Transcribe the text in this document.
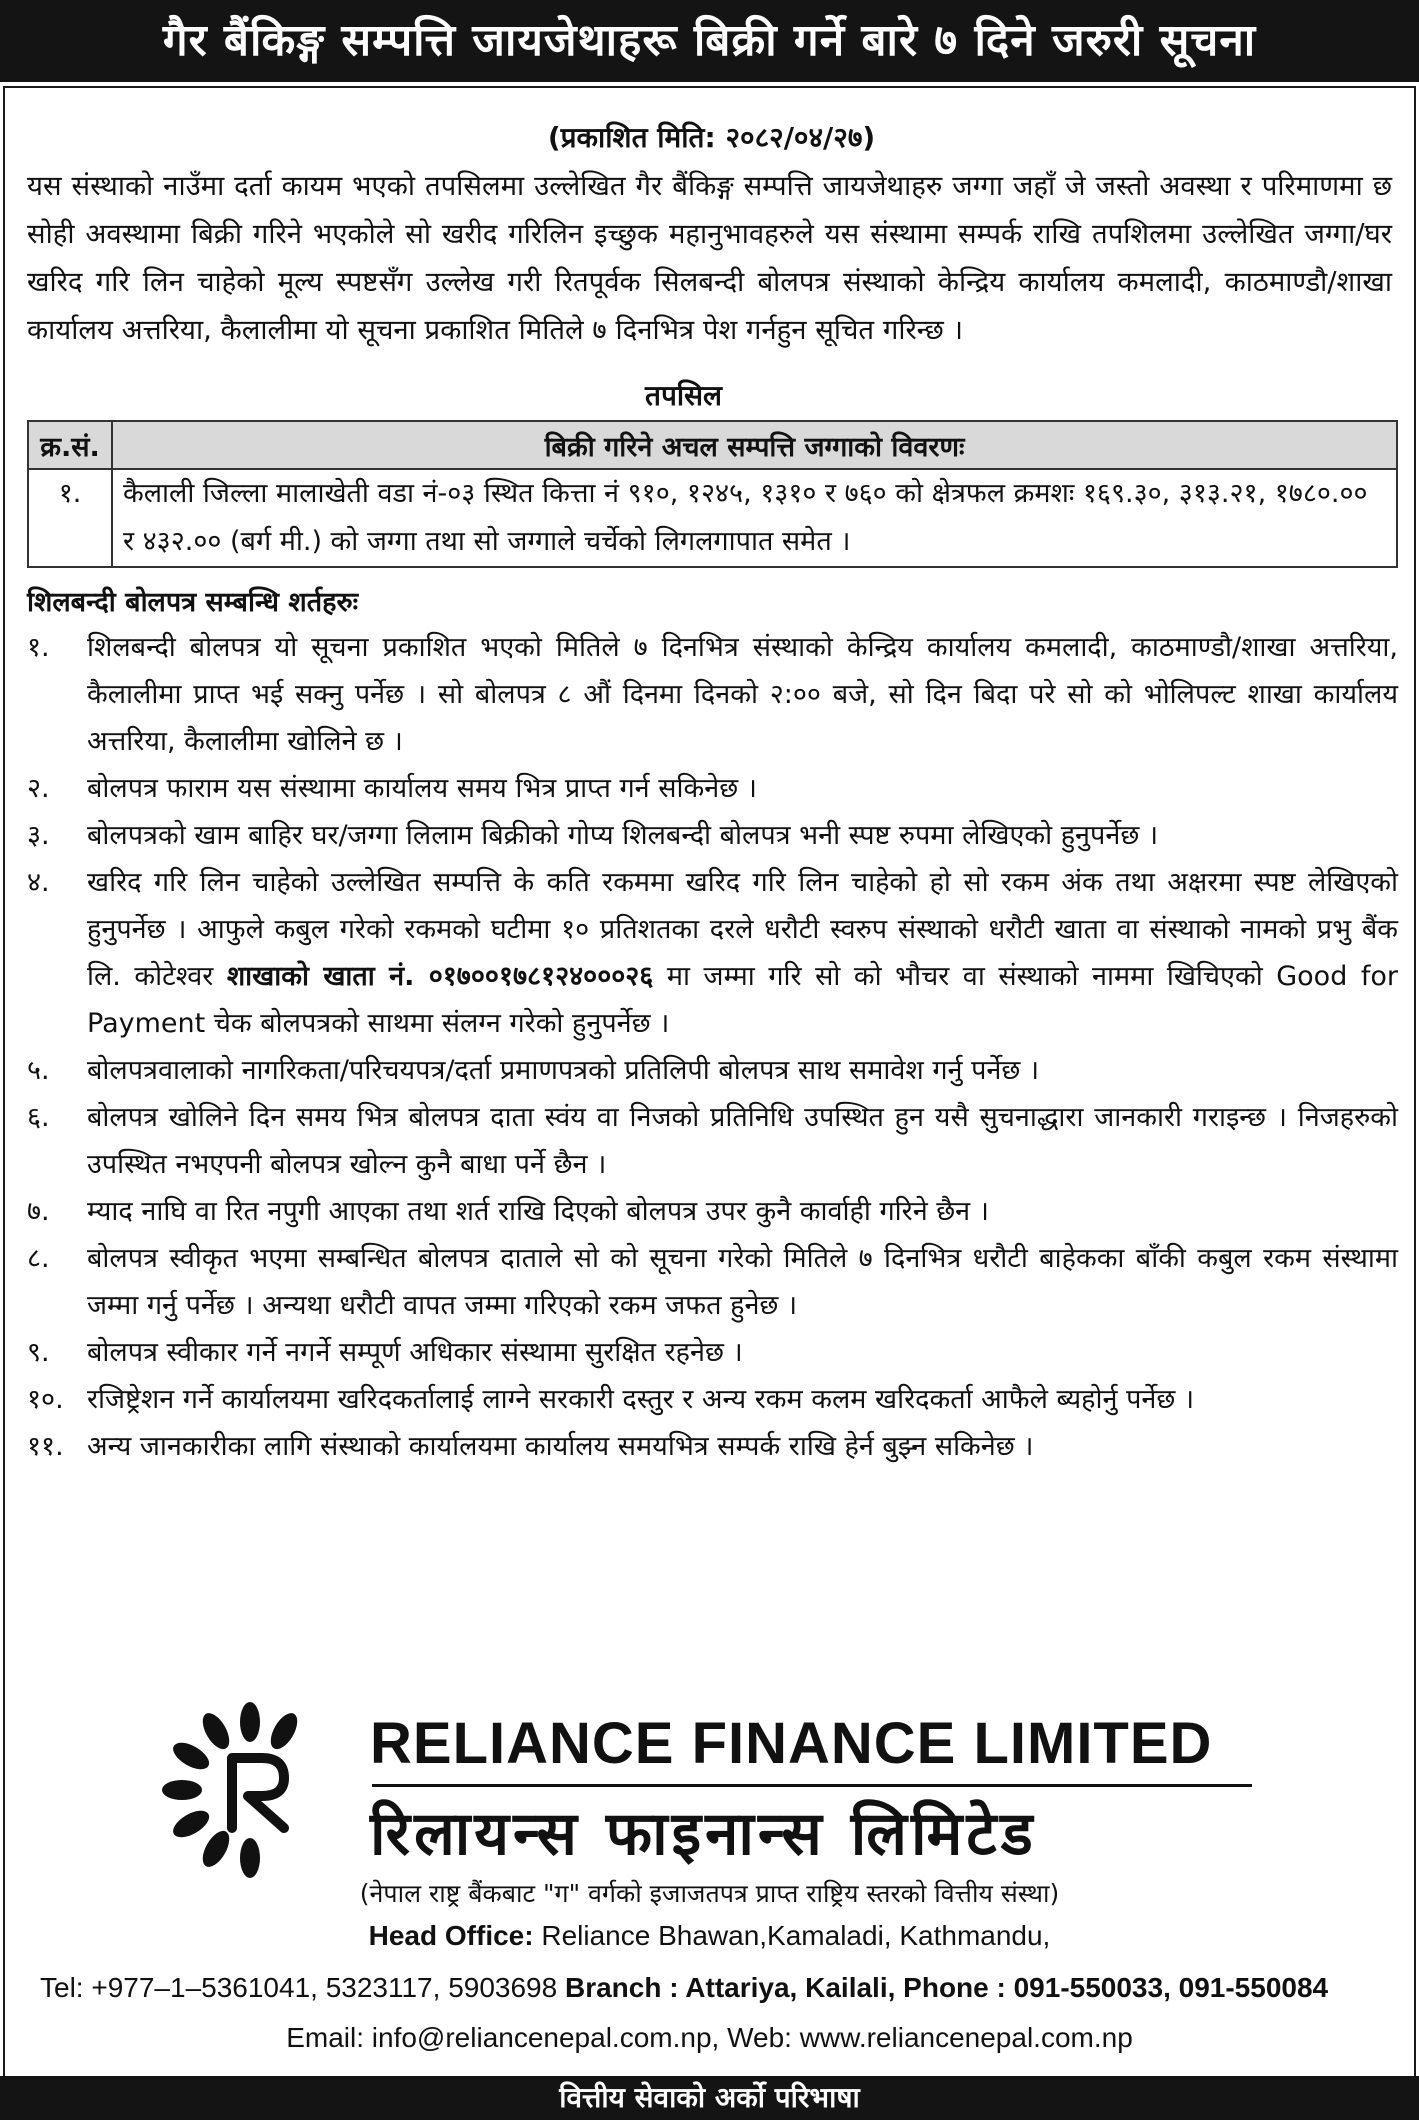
गैर बैंकिङ्ग सम्पत्ति जायजेथाहरू बिक्री गर्ने बारे ७ दिने जरुरी सूचना
(प्रकाशित मिति: २०८२/०४/२७)

यस संस्थाको नाउँमा दर्ता कायम भएको तपसिलमा उल्लेखित गैर बैंकिङ्ग सम्पत्ति जायजेथाहरु जग्गा जहाँ जे जस्तो अवस्था र परिमाणमा छ सोही अवस्थामा बिक्री गरिने भएकोले सो खरीद गरिलिन इच्छुक महानुभावहरुले यस संस्थामा सम्पर्क राखि तपशिलमा उल्लेखित जग्गा/घर खरिद गरि लिन चाहेको मूल्य स्पष्टसँग उल्लेख गरी रितपूर्वक सिलबन्दी बोलपत्र संस्थाको केन्द्रिय कार्यालय कमलादी, काठमाण्डौ/शाखा कार्यालय अत्तरिया, कैलालीमा यो सूचना प्रकाशित मितिले ७ दिनभित्र पेश गर्नहुन सूचित गरिन्छ ।

तपसिल
क्र.सं.	बिक्री गरिने अचल सम्पत्ति जग्गाको विवरणः
१.	कैलाली जिल्ला मालाखेती वडा नं-०३ स्थित कित्ता नं ९१०, १२४५, १३१० र ७६० को क्षेत्रफल क्रमशः १६९.३०, ३१३.२१, १७८०.०० र ४३२.०० (बर्ग मी.) को जग्गा तथा सो जग्गाले चर्चेको लिगलगापात समेत ।
शिलबन्दी बोलपत्र सम्बन्धि शर्तहरुः
१.	शिलबन्दी बोलपत्र यो सूचना प्रकाशित भएको मितिले ७ दिनभित्र संस्थाको केन्द्रिय कार्यालय कमलादी, काठमाण्डौ/शाखा अत्तरिया, कैलालीमा प्राप्त भई सक्नु पर्नेछ । सो बोलपत्र ८ औं दिनमा दिनको २:०० बजे, सो दिन बिदा परे सो को भोलिपल्ट शाखा कार्यालय अत्तरिया, कैलालीमा खोलिने छ ।
२.	बोलपत्र फाराम यस संस्थामा कार्यालय समय भित्र प्राप्त गर्न सकिनेछ ।
३.	बोलपत्रको खाम बाहिर घर/जग्गा लिलाम बिक्रीको गोप्य शिलबन्दी बोलपत्र भनी स्पष्ट रुपमा लेखिएको हुनुपर्नेछ ।
४.	खरिद गरि लिन चाहेको उल्लेखित सम्पत्ति के कति रकममा खरिद गरि लिन चाहेको हो सो रकम अंक तथा अक्षरमा स्पष्ट लेखिएको हुनुपर्नेछ । आफुले कबुल गरेको रकमको घटीमा १० प्रतिशतका दरले धरौटी स्वरुप संस्थाको धरौटी खाता वा संस्थाको नामको प्रभु बैंक लि. कोटेश्वर शाखाको खाता नं. ०१७००१७८१२४०००२६ मा जम्मा गरि सो को भौचर वा संस्थाको नाममा खिचिएको Good for Payment चेक बोलपत्रको साथमा संलग्न गरेको हुनुपर्नेछ ।
५.	बोलपत्रवालाको नागरिकता/परिचयपत्र/दर्ता प्रमाणपत्रको प्रतिलिपी बोलपत्र साथ समावेश गर्नु पर्नेछ ।
६.	बोलपत्र खोलिने दिन समय भित्र बोलपत्र दाता स्वंय वा निजको प्रतिनिधि उपस्थित हुन यसै सुचनाद्धारा जानकारी गराइन्छ । निजहरुको उपस्थित नभएपनी बोलपत्र खोल्न कुनै बाधा पर्ने छैन ।
७.	म्याद नाघि वा रित नपुगी आएका तथा शर्त राखि दिएको बोलपत्र उपर कुनै कार्वाही गरिने छैन ।
८.	बोलपत्र स्वीकृत भएमा सम्बन्धित बोलपत्र दाताले सो को सूचना गरेको मितिले ७ दिनभित्र धरौटी बाहेकका बाँकी कबुल रकम संस्थामा जम्मा गर्नु पर्नेछ । अन्यथा धरौटी वापत जम्मा गरिएको रकम जफत हुनेछ ।
९.	बोलपत्र स्वीकार गर्ने नगर्ने सम्पूर्ण अधिकार संस्थामा सुरक्षित रहनेछ ।
१०. रजिष्ट्रेशन गर्ने कार्यालयमा खरिदकर्तालाई लाग्ने सरकारी दस्तुर र अन्य रकम कलम खरिदकर्ता आफैले ब्यहोर्नु पर्नेछ ।
११. अन्य जानकारीका लागि संस्थाको कार्यालयमा कार्यालय समयभित्र सम्पर्क राखि हेर्न बुझ्न सकिनेछ ।
RELIANCE FINANCE LIMITED
रिलायन्स फाइनान्स लिमिटेड
(नेपाल राष्ट्र बैंकबाट "ग" वर्गको इजाजतपत्र प्राप्त राष्ट्रिय स्तरको वित्तीय संस्था)
Head Office: Reliance Bhawan,Kamaladi, Kathmandu,
Tel: +977–1–5361041, 5323117, 5903698 Branch : Attariya, Kailali, Phone : 091-550033, 091-550084
Email: info@reliancenepal.com.np, Web: www.reliancenepal.com.np
वित्तीय सेवाको अर्को परिभाषा
